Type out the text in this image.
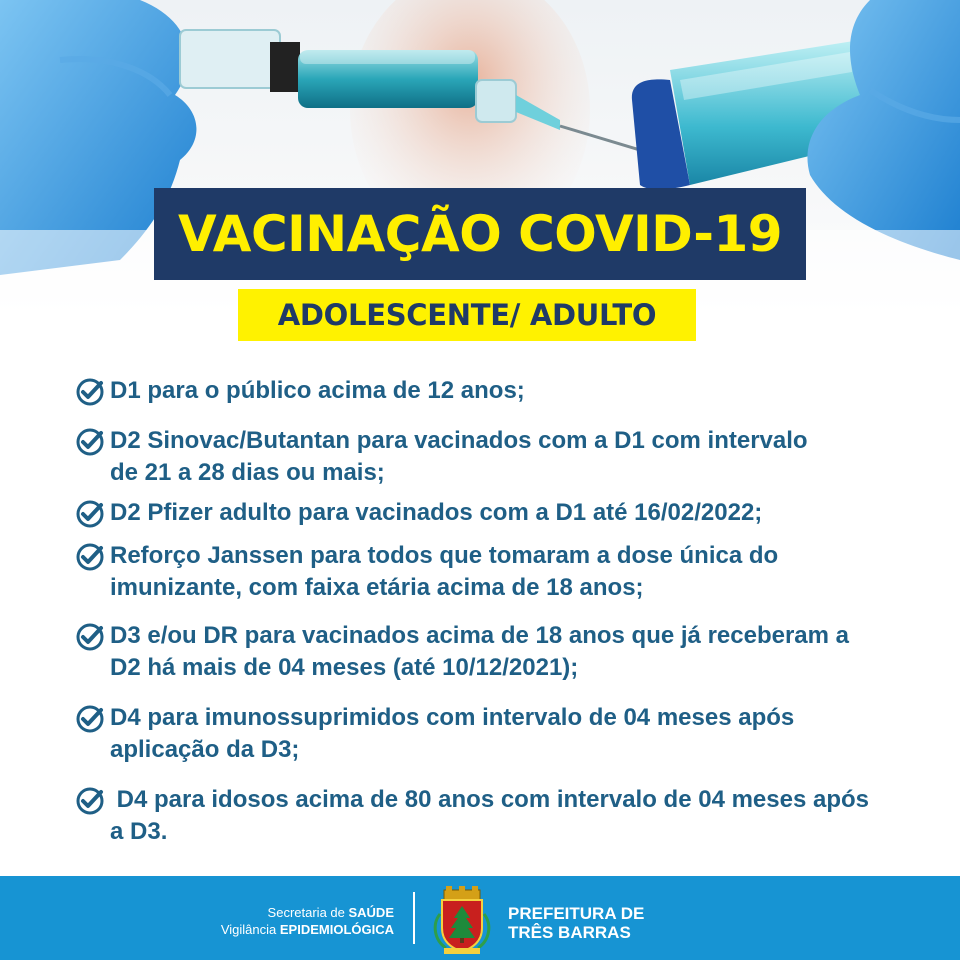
VACINAÇÃO COVID-19
ADOLESCENTE/ ADULTO
D1 para o público acima de 12 anos;
D2 Sinovac/Butantan para vacinados com a D1 com intervalo
de 21 a 28 dias ou mais;
D2 Pfizer adulto para vacinados com a D1 até 16/02/2022;
Reforço Janssen para todos que tomaram a dose única do
imunizante, com faixa etária acima de 18 anos;
D3 e/ou DR para vacinados acima de 18 anos que já receberam a
D2 há mais de 04 meses (até 10/12/2021);
D4 para imunossuprimidos com intervalo de 04 meses após
aplicação da D3;
D4 para idosos acima de 80 anos com intervalo de 04 meses após
a D3.
Secretaria de SAÚDE
Vigilância EPIDEMIOLÓGICA
PREFEITURA DE
TRÊS BARRAS
